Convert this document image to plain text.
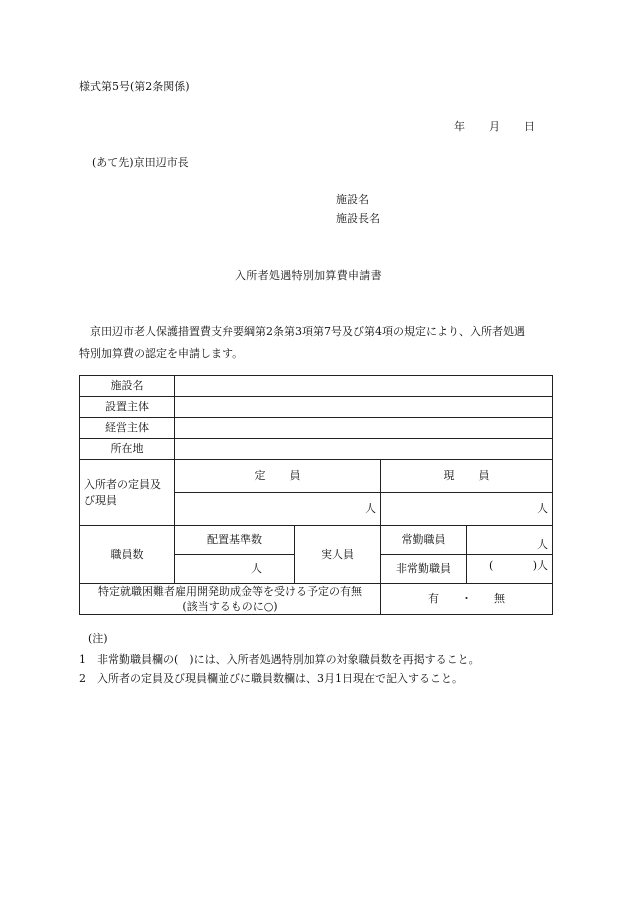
様式第5号(第2条関係)
年 月 日
(あて先)京田辺市長
施設名
施設長名
入所者処遇特別加算費申請書
京田辺市老人保護措置費支弁要綱第2条第3項第7号及び第4項の規定により、入所者処遇
特別加算費の認定を申請します。
施設名				
設置主体				
経営主体				
所在地				
入所者の定員及び現員	定 員		現 員	
	人		人	
職員数	配置基準数	実人員	常勤職員	人
	人		非常勤職員	( )人

特定就職困難者雇用開発助成金等を受ける予定の有無
(該当するものに○)			有 ・ 無	
(注)
1　非常勤職員欄の(　)には、入所者処遇特別加算の対象職員数を再掲すること。
2　入所者の定員及び現員欄並びに職員数欄は、3月1日現在で記入すること。
